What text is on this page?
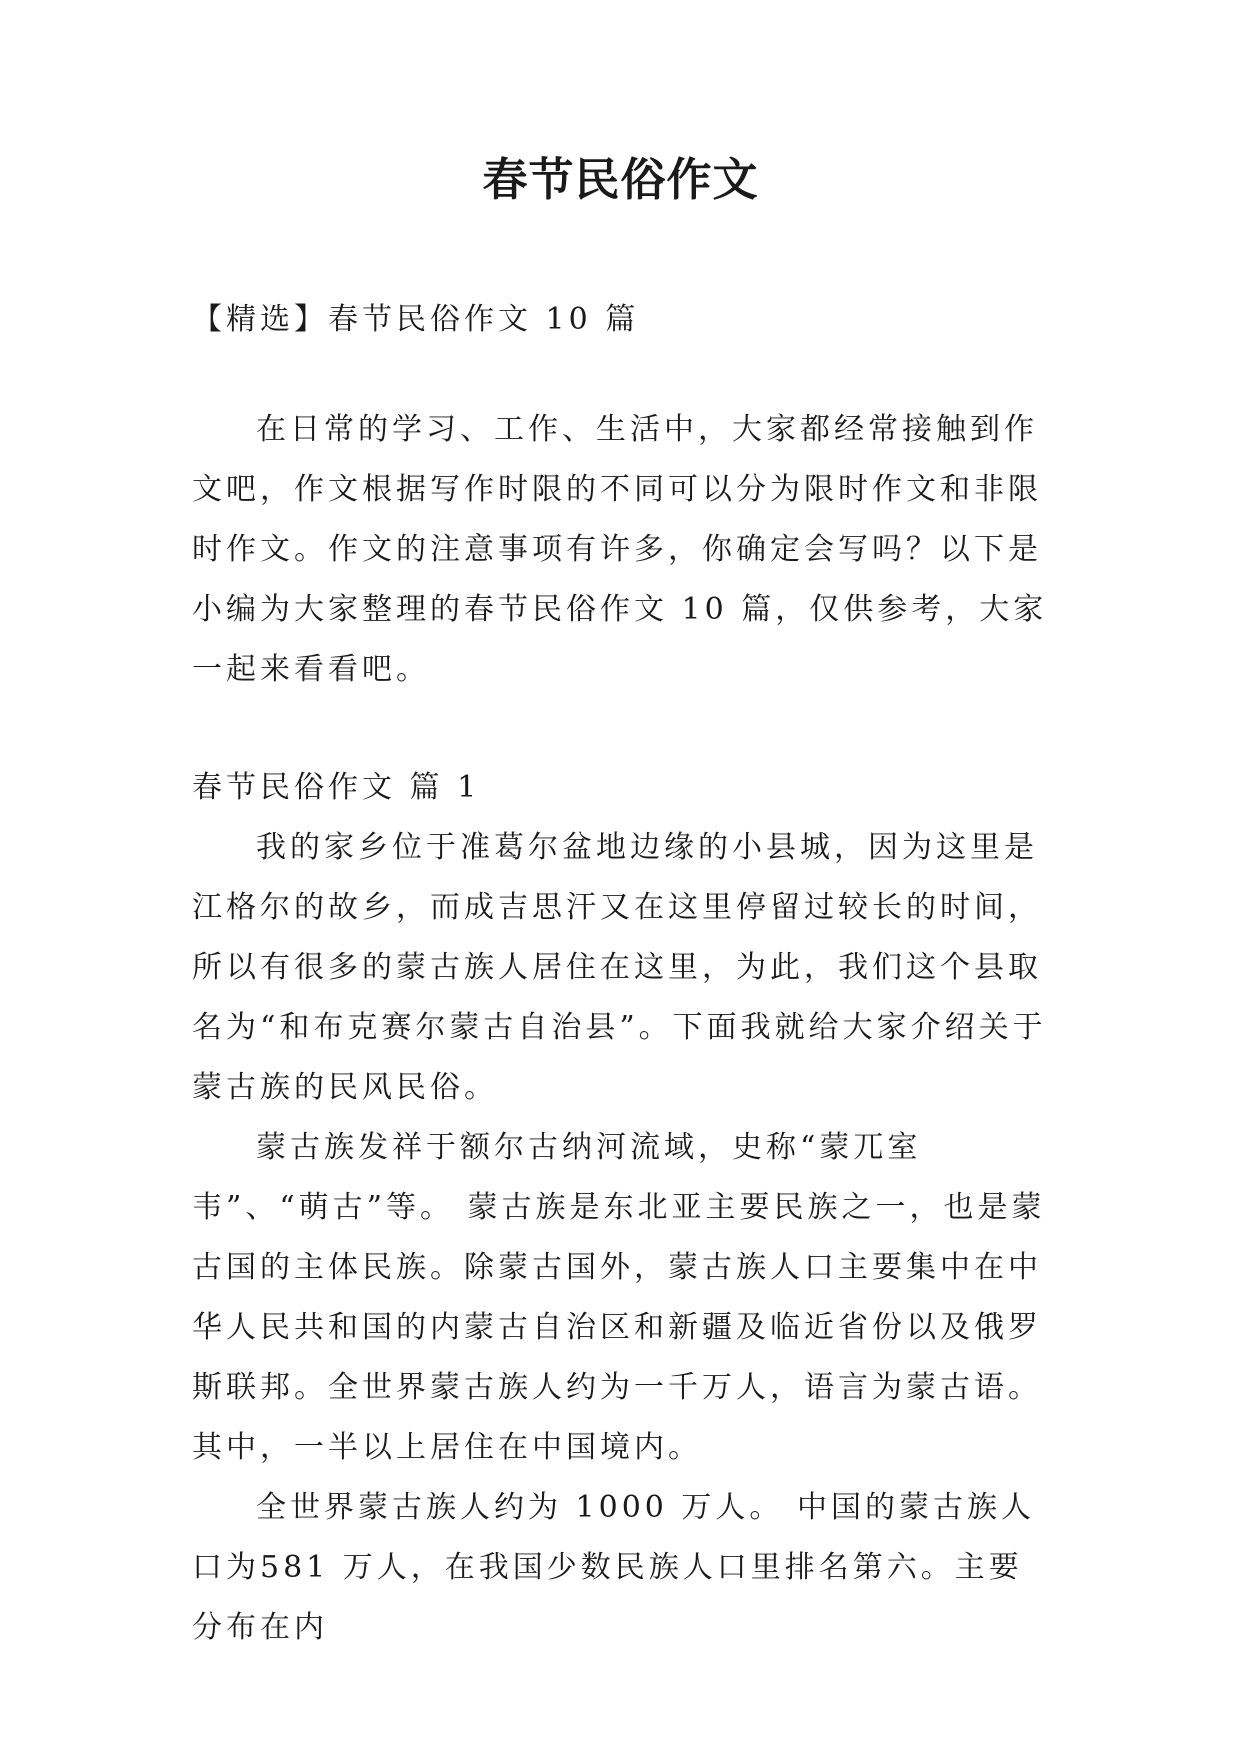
春节民俗作文
【精选】春节民俗作文 10 篇

在日常的学习、工作、生活中，大家都经常接触到作文吧，作文根据写作时限的不同可以分为限时作文和非限时作文。作文的注意事项有许多，你确定会写吗？以下是小编为大家整理的春节民俗作文 10 篇，仅供参考，大家一起来看看吧。

春节民俗作文 篇 1

我的家乡位于准葛尔盆地边缘的小县城，因为这里是江格尔的故乡，而成吉思汗又在这里停留过较长的时间，所以有很多的蒙古族人居住在这里，为此，我们这个县取名为“和布克赛尔蒙古自治县”。下面我就给大家介绍关于蒙古族的民风民俗。

蒙古族发祥于额尔古纳河流域，史称“蒙兀室韦”、“萌古”等。 蒙古族是东北亚主要民族之一，也是蒙古国的主体民族。除蒙古国外，蒙古族人口主要集中在中华人民共和国的内蒙古自治区和新疆及临近省份以及俄罗斯联邦。全世界蒙古族人约为一千万人，语言为蒙古语。其中，一半以上居住在中国境内。

全世界蒙古族人约为 1000 万人。 中国的蒙古族人口为581 万人，在我国少数民族人口里排名第六。主要分布在内
